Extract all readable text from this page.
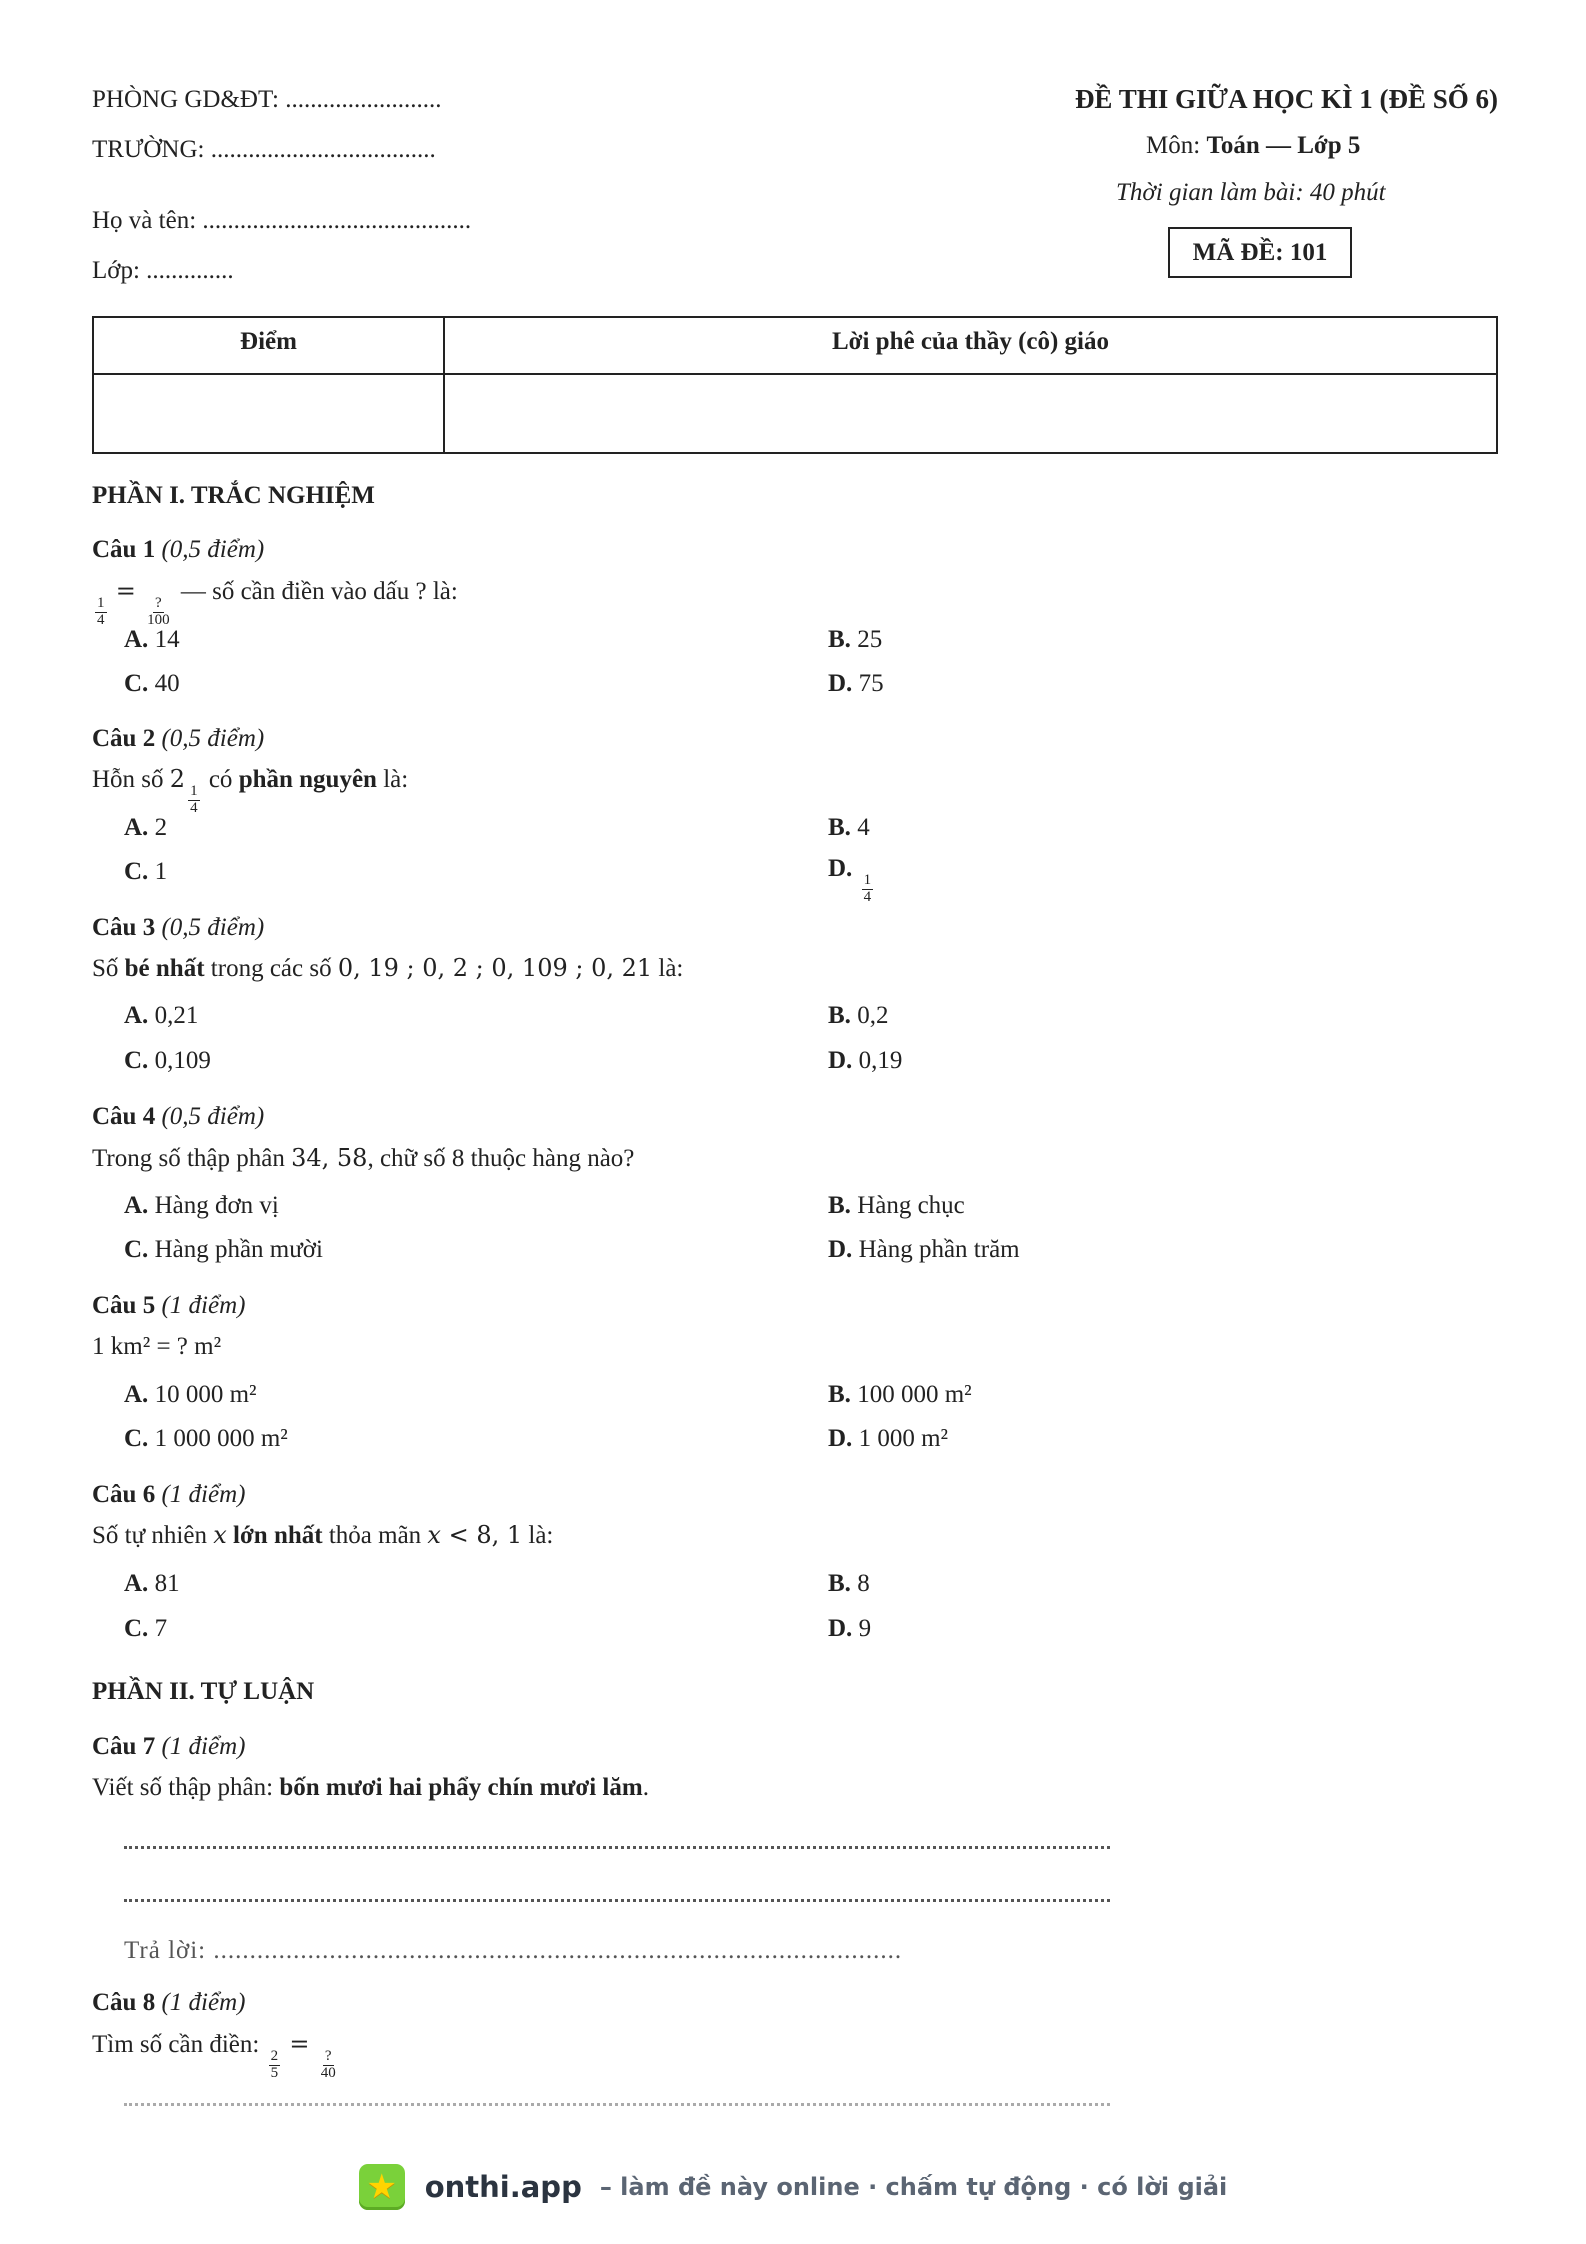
PHÒNG GD&ĐT: .........................
TRƯỜNG: ....................................
Họ và tên: ...........................................
Lớp: ..............
ĐỀ THI GIỮA HỌC KÌ 1 (ĐỀ SỐ 6)
Môn: Toán — Lớp 5
Thời gian làm bài: 40 phút
MÃ ĐỀ: 101
Điểm	Lời phê của thầy (cô) giáo
PHẦN I. TRẮC NGHIỆM
Câu 1 (0,5 điểm)
$\frac{1}{4}$
=
$\frac{?}{100}$
— số cần điền vào dấu ? là:
A. 14	B. 25
C. 40	D. 75
Câu 2 (0,5 điểm)
Hỗn số 2
$\frac{1}{4}$
có phần nguyên là:
A. 2	B. 4
C. 1	D.
$\frac{1}{4}$
Câu 3 (0,5 điểm)
Số bé nhất trong các số 0, 19 ; 0, 2 ; 0, 109 ; 0, 21 là:
A. 0,21	B. 0,2
C. 0,109	D. 0,19
Câu 4 (0,5 điểm)
Trong số thập phân 34, 58, chữ số 8 thuộc hàng nào?
A. Hàng đơn vị	B. Hàng chục
C. Hàng phần mười	D. Hàng phần trăm
Câu 5 (1 điểm)
1 km² = ? m²
A. 10 000 m²	B. 100 000 m²
C. 1 000 000 m²	D. 1 000 m²
Câu 6 (1 điểm)
Số tự nhiên x lớn nhất thỏa mãn x < 8, 1 là:
A. 81	B. 8
C. 7	D. 9
PHẦN II. TỰ LUẬN
Câu 7 (1 điểm)
Viết số thập phân: bốn mươi hai phẩy chín mươi lăm.
Trả lời: ...............................................................................................
Câu 8 (1 điểm)
Tìm số cần điền:
$\frac{2}{5}$
=
$\frac{?}{40}$
★ onthi.app – làm đề này online · chấm tự động · có lời giải
